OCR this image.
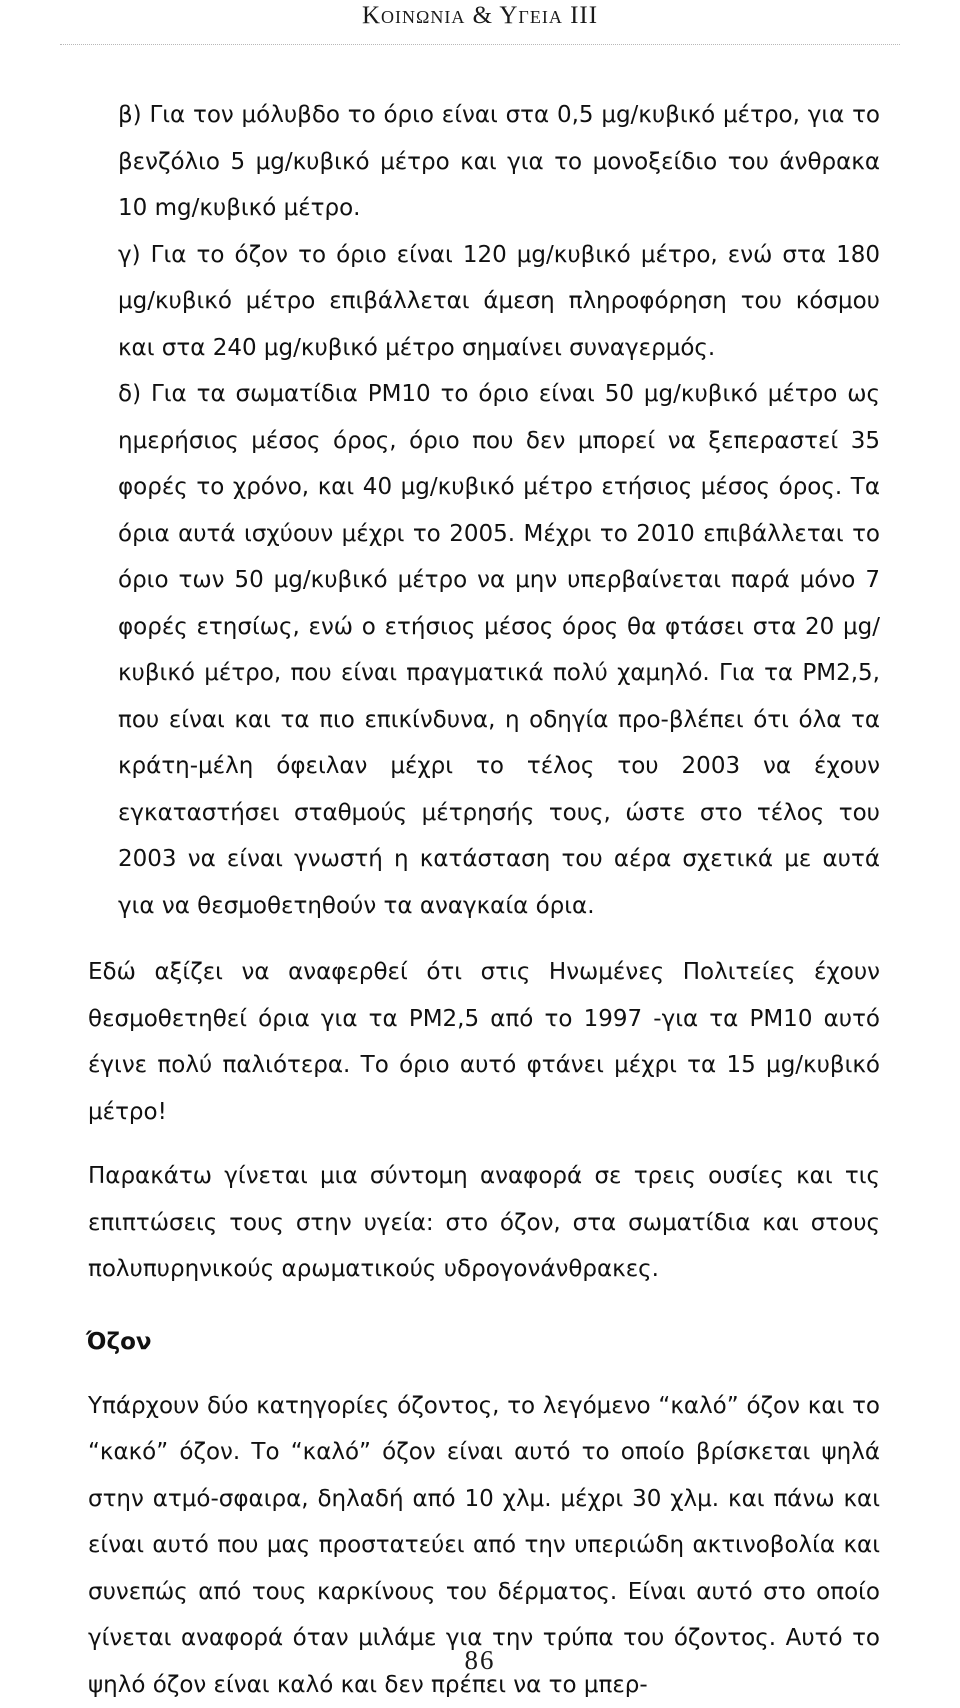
Κοινωνια & Υγεια III

β) Για τον μόλυβδο το όριο είναι στα 0,5 μg/κυβικό μέτρο, για το βενζόλιο 5 μg/κυβικό μέτρο και για το μονοξείδιο του άνθρακα 10 mg/κυβικό μέτρο.

γ) Για το όζον το όριο είναι 120 μg/κυβικό μέτρο, ενώ στα 180 μg/κυβικό μέτρο επιβάλλεται άμεση πληροφόρηση του κόσμου και στα 240 μg/κυβικό μέτρο σημαίνει συναγερμός.

δ) Για τα σωματίδια PM10 το όριο είναι 50 μg/κυβικό μέτρο ως ημερήσιος μέσος όρος, όριο που δεν μπορεί να ξεπεραστεί 35 φορές το χρόνο, και 40 μg/κυβικό μέτρο ετήσιος μέσος όρος. Τα όρια αυτά ισχύουν μέχρι το 2005. Μέχρι το 2010 επιβάλλεται το όριο των 50 μg/κυβικό μέτρο να μην υπερβαίνεται παρά μόνο 7 φορές ετησίως, ενώ ο ετήσιος μέσος όρος θα φτάσει στα 20 μg/κυβικό μέτρο, που είναι πραγματικά πολύ χαμηλό. Για τα PM2,5, που είναι και τα πιο επικίνδυνα, η οδηγία προ-βλέπει ότι όλα τα κράτη-μέλη όφειλαν μέχρι το τέλος του 2003 να έχουν εγκαταστήσει σταθμούς μέτρησής τους, ώστε στο τέλος του 2003 να είναι γνωστή η κατάσταση του αέρα σχετικά με αυτά για να θεσμοθετηθούν τα αναγκαία όρια.

Εδώ αξίζει να αναφερθεί ότι στις Ηνωμένες Πολιτείες έχουν θεσμοθετηθεί όρια για τα PM2,5 από το 1997 -για τα PM10 αυτό έγινε πολύ παλιότερα. Το όριο αυτό φτάνει μέχρι τα 15 μg/κυβικό μέτρο!

Παρακάτω γίνεται μια σύντομη αναφορά σε τρεις ουσίες και τις επιπτώσεις τους στην υγεία: στο όζον, στα σωματίδια και στους πολυπυρηνικούς αρωματικούς υδρογονάνθρακες.

Όζον

Υπάρχουν δύο κατηγορίες όζοντος, το λεγόμενο “καλό” όζον και το “κακό” όζον. Το “καλό” όζον είναι αυτό το οποίο βρίσκεται ψηλά στην ατμό-σφαιρα, δηλαδή από 10 χλμ. μέχρι 30 χλμ. και πάνω και είναι αυτό που μας προστατεύει από την υπεριώδη ακτινοβολία και συνεπώς από τους καρκίνους του δέρματος. Είναι αυτό στο οποίο γίνεται αναφορά όταν μιλάμε για την τρύπα του όζοντος. Αυτό το ψηλό όζον είναι καλό και δεν πρέπει να το μπερ-

86
